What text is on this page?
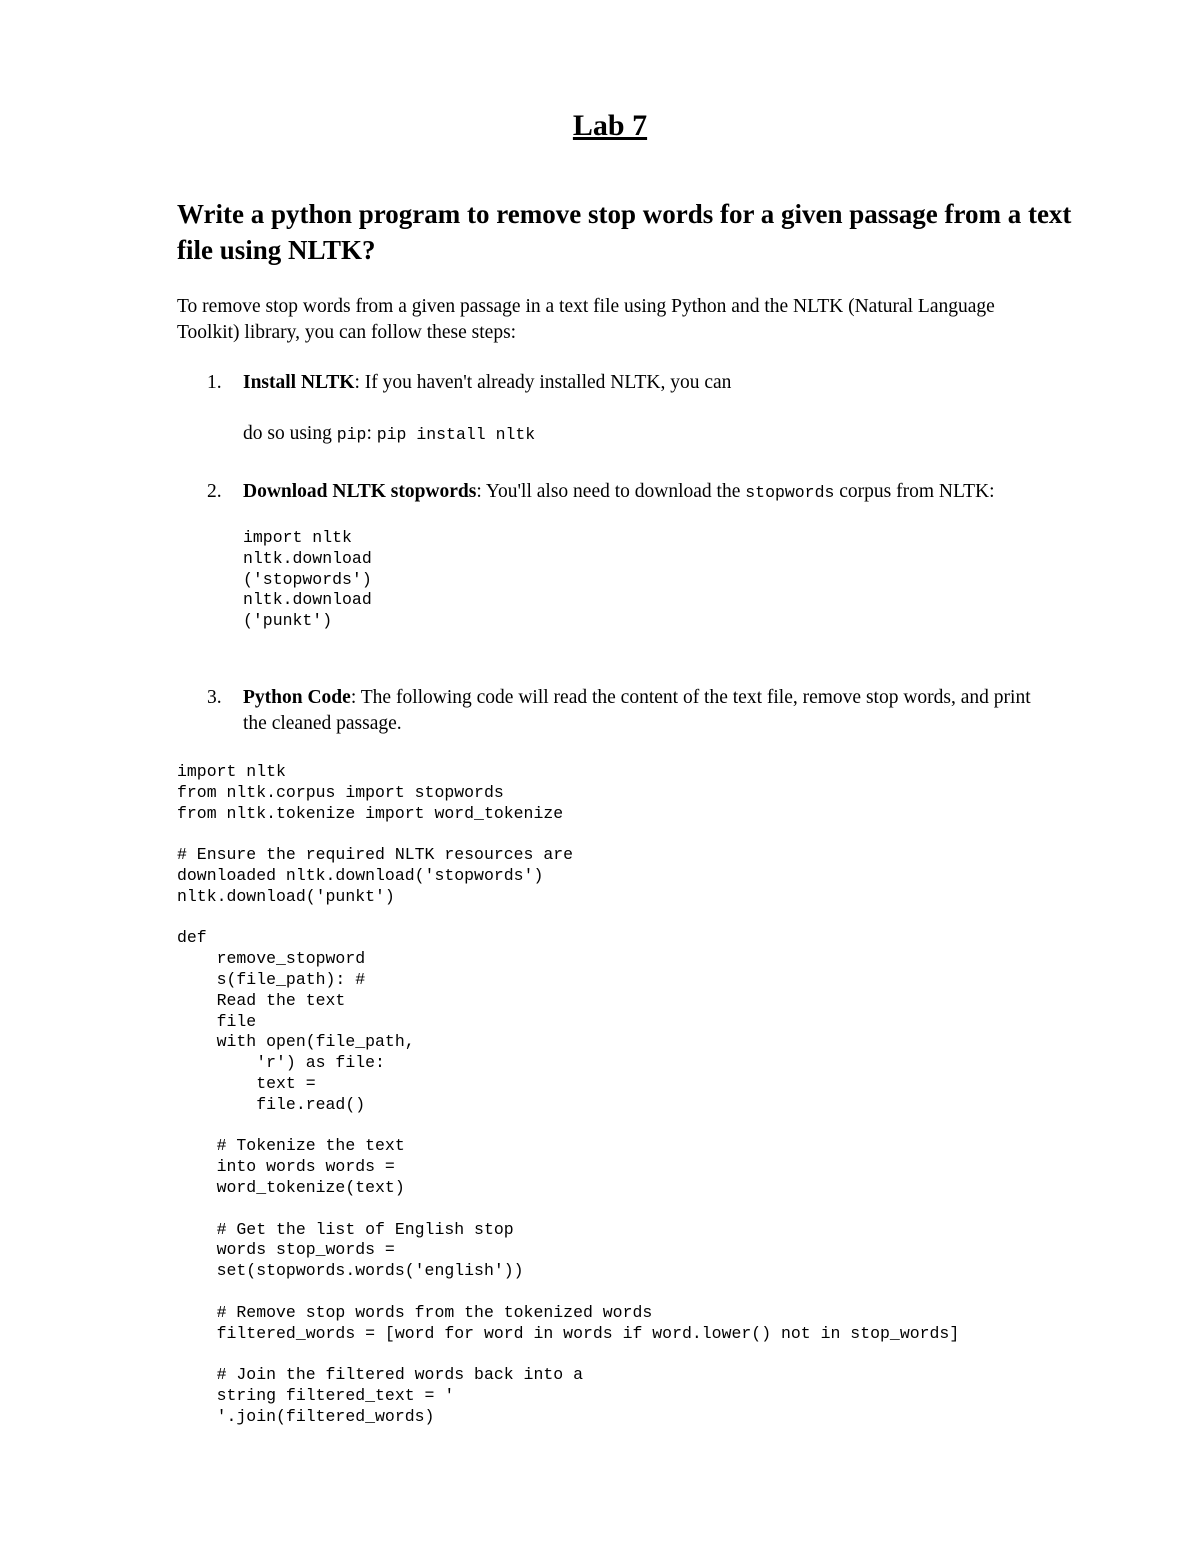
Lab 7
Write a python program to remove stop words for a given passage from a text file using NLTK?

To remove stop words from a given passage in a text file using Python and the NLTK (Natural Language Toolkit) library, you can follow these steps:

1. Install NLTK: If you haven't already installed NLTK, you can
do so using pip: pip install nltk
2. Download NLTK stopwords: You'll also need to download the stopwords corpus from NLTK:
import nltk
nltk.download
('stopwords')
nltk.download
('punkt')
3. Python Code: The following code will read the content of the text file, remove stop words, and print the cleaned passage.
import nltk
from nltk.corpus import stopwords
from nltk.tokenize import word_tokenize

# Ensure the required NLTK resources are
downloaded nltk.download('stopwords')
nltk.download('punkt')

def
remove_stopword
s(file_path): #
Read the text
file
with open(file_path,
'r') as file:
text =
file.read()

# Tokenize the text
into words words =
word_tokenize(text)

# Get the list of English stop
words stop_words =
set(stopwords.words('english'))

# Remove stop words from the tokenized words
filtered_words = [word for word in words if word.lower() not in stop_words]

# Join the filtered words back into a
string filtered_text = '
'.join(filtered_words)
